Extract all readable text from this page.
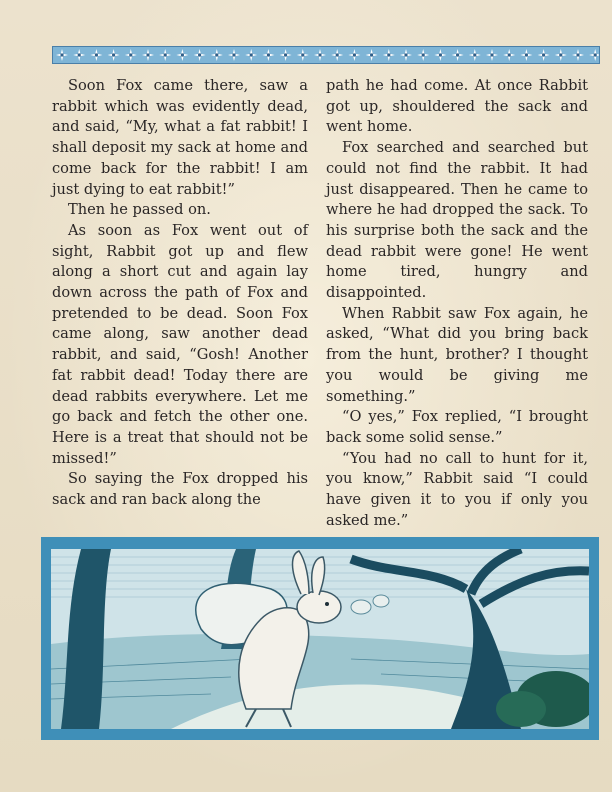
Soon Fox came there, saw a rabbit which was evidently dead, and said, “My, what a fat rabbit! I shall deposit my sack at home and come back for the rabbit! I am just dying to eat rabbit!”

Then he passed on.

As soon as Fox went out of sight, Rabbit got up and flew along a short cut and again lay down across the path of Fox and pretended to be dead. Soon Fox came along, saw another dead rabbit, and said, “Gosh! Another fat rabbit dead! Today there are dead rabbits everywhere. Let me go back and fetch the other one. Here is a treat that should not be missed!”

So saying the Fox dropped his sack and ran back along the

path he had come. At once Rabbit got up, shouldered the sack and went home.

Fox searched and searched but could not find the rabbit. It had just disappeared. Then he came to where he had dropped the sack. To his surprise both the sack and the dead rabbit were gone! He went home tired, hungry and disappointed.

When Rabbit saw Fox again, he asked, “What did you bring back from the hunt, brother? I thought you would be giving me something.”

“O yes,” Fox replied, “I brought back some solid sense.”

“You had no call to hunt for it, you know,” Rabbit said “I could have given it to you if only you asked me.”
